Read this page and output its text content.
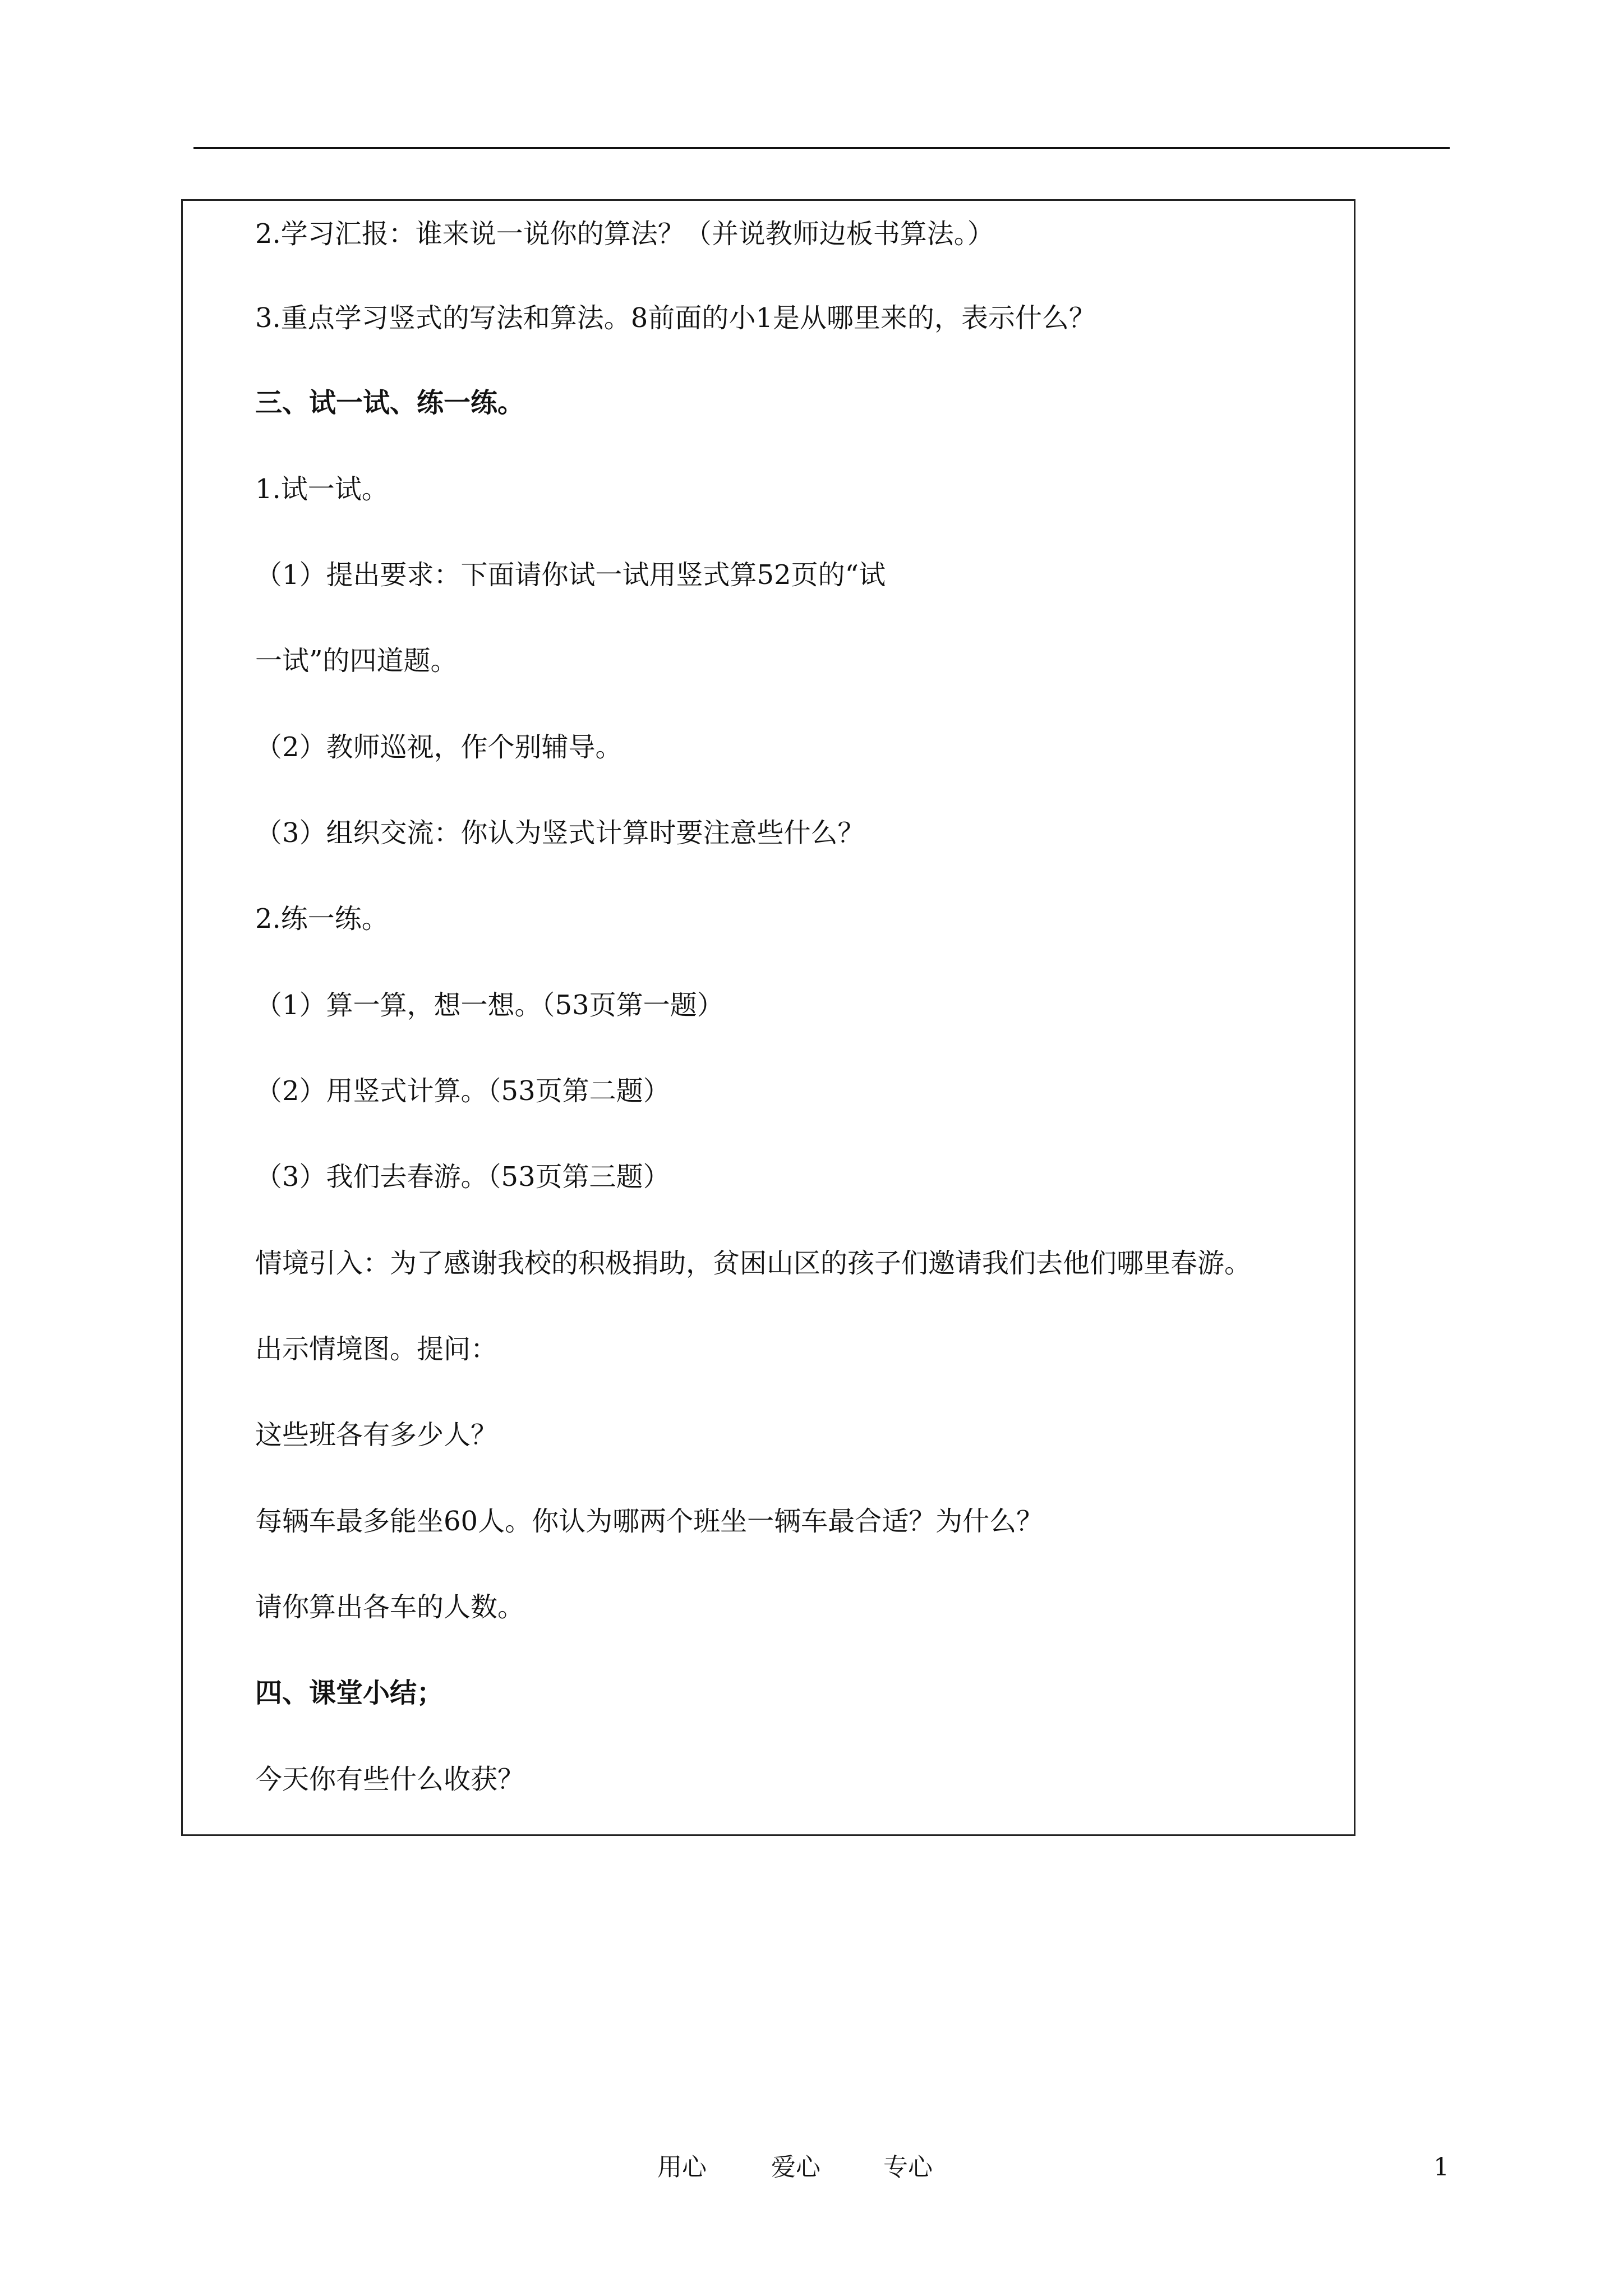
2.学习汇报：谁来说一说你的算法？（并说教师边板书算法。）

3.重点学习竖式的写法和算法。8前面的小1是从哪里来的，表示什么？

三、试一试、练一练。

1.试一试。

（1）提出要求：下面请你试一试用竖式算52页的“试

一试”的四道题。

（2）教师巡视，作个别辅导。

（3）组织交流：你认为竖式计算时要注意些什么？

2.练一练。

（1）算一算，想一想。（53页第一题）

（2）用竖式计算。（53页第二题）

（3）我们去春游。（53页第三题）

情境引入：为了感谢我校的积极捐助，贫困山区的孩子们邀请我们去他们哪里春游。

出示情境图。提问：

这些班各有多少人？

每辆车最多能坐60人。你认为哪两个班坐一辆车最合适？为什么？

请你算出各车的人数。

四、课堂小结；

今天你有些什么收获？

用心	爱心	专心	1
